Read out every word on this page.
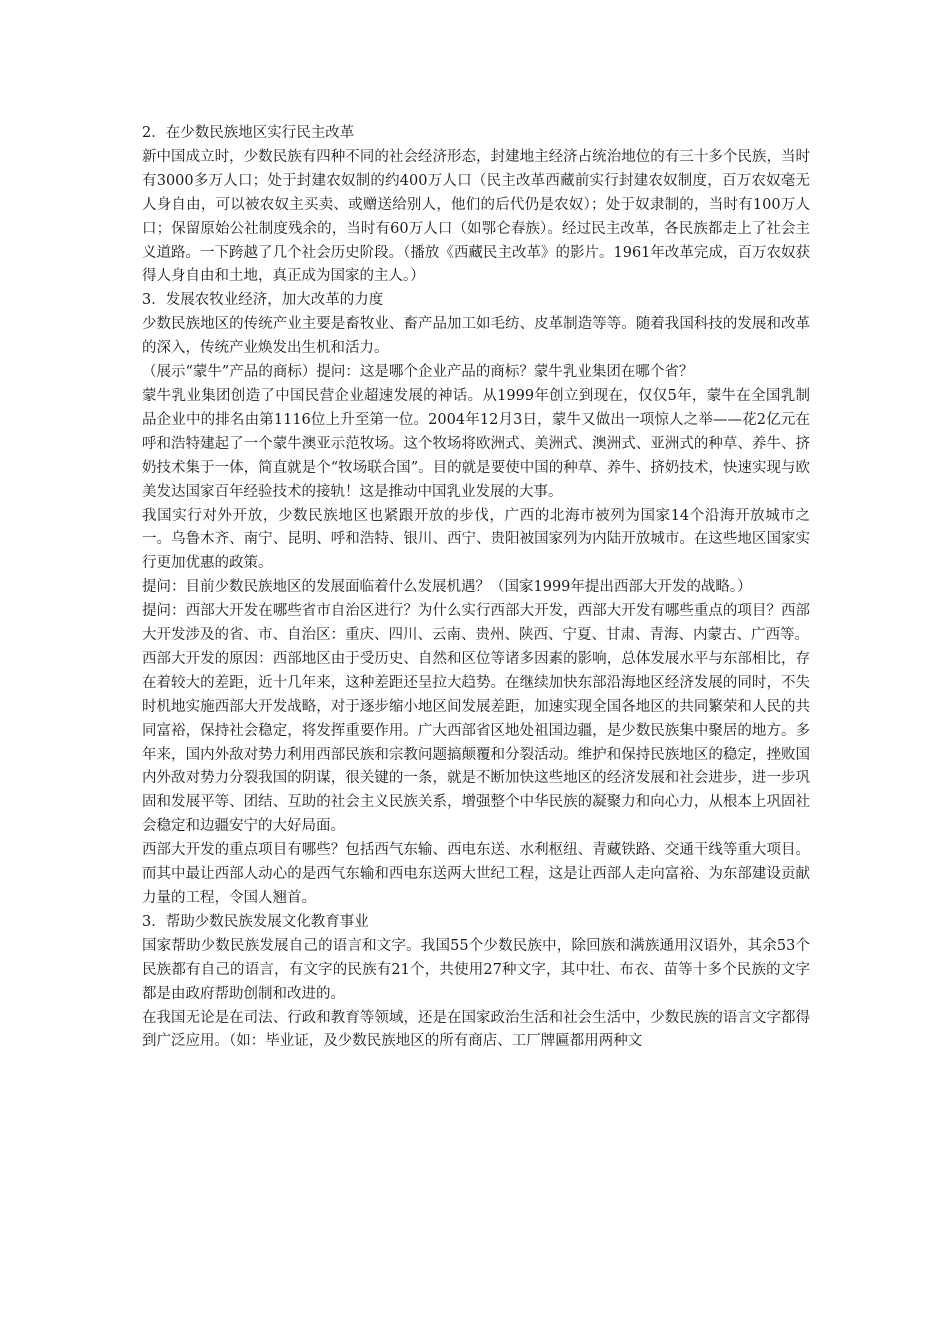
2．在少数民族地区实行民主改革

新中国成立时，少数民族有四种不同的社会经济形态，封建地主经济占统治地位的有三十多个民族，当时有3000多万人口；处于封建农奴制的约400万人口（民主改革西藏前实行封建农奴制度，百万农奴毫无人身自由，可以被农奴主买卖、或赠送给别人，他们的后代仍是农奴）；处于奴隶制的，当时有100万人口；保留原始公社制度残余的，当时有60万人口（如鄂仑春族）。经过民主改革，各民族都走上了社会主义道路。一下跨越了几个社会历史阶段。（播放《西藏民主改革》的影片。1961年改革完成，百万农奴获得人身自由和土地，真正成为国家的主人。）

3．发展农牧业经济，加大改革的力度

少数民族地区的传统产业主要是畜牧业、畜产品加工如毛纺、皮革制造等等。随着我国科技的发展和改革的深入，传统产业焕发出生机和活力。

（展示“蒙牛”产品的商标）提问：这是哪个企业产品的商标？蒙牛乳业集团在哪个省？

蒙牛乳业集团创造了中国民营企业超速发展的神话。从1999年创立到现在，仅仅5年，蒙牛在全国乳制品企业中的排名由第1116位上升至第一位。2004年12月3日，蒙牛又做出一项惊人之举——花2亿元在呼和浩特建起了一个蒙牛澳亚示范牧场。这个牧场将欧洲式、美洲式、澳洲式、亚洲式的种草、养牛、挤奶技术集于一体，简直就是个“牧场联合国”。目的就是要使中国的种草、养牛、挤奶技术，快速实现与欧美发达国家百年经验技术的接轨！这是推动中国乳业发展的大事。

我国实行对外开放，少数民族地区也紧跟开放的步伐，广西的北海市被列为国家14个沿海开放城市之一。乌鲁木齐、南宁、昆明、呼和浩特、银川、西宁、贵阳被国家列为内陆开放城市。在这些地区国家实行更加优惠的政策。

提问：目前少数民族地区的发展面临着什么发展机遇？（国家1999年提出西部大开发的战略。）

提问：西部大开发在哪些省市自治区进行？为什么实行西部大开发，西部大开发有哪些重点的项目？西部大开发涉及的省、市、自治区：重庆、四川、云南、贵州、陕西、宁夏、甘肃、青海、内蒙古、广西等。

西部大开发的原因：西部地区由于受历史、自然和区位等诸多因素的影响，总体发展水平与东部相比，存在着较大的差距，近十几年来，这种差距还呈拉大趋势。在继续加快东部沿海地区经济发展的同时，不失时机地实施西部大开发战略，对于逐步缩小地区间发展差距，加速实现全国各地区的共同繁荣和人民的共同富裕，保持社会稳定，将发挥重要作用。广大西部省区地处祖国边疆，是少数民族集中聚居的地方。多年来，国内外敌对势力利用西部民族和宗教问题搞颠覆和分裂活动。维护和保持民族地区的稳定，挫败国内外敌对势力分裂我国的阴谋，很关键的一条，就是不断加快这些地区的经济发展和社会进步，进一步巩固和发展平等、团结、互助的社会主义民族关系，增强整个中华民族的凝聚力和向心力，从根本上巩固社会稳定和边疆安宁的大好局面。

西部大开发的重点项目有哪些？包括西气东输、西电东送、水利枢纽、青藏铁路、交通干线等重大项目。而其中最让西部人动心的是西气东输和西电东送两大世纪工程，这是让西部人走向富裕、为东部建设贡献力量的工程，令国人翘首。

3．帮助少数民族发展文化教育事业

国家帮助少数民族发展自己的语言和文字。我国55个少数民族中，除回族和满族通用汉语外，其余53个民族都有自己的语言，有文字的民族有21个，共使用27种文字，其中壮、布衣、苗等十多个民族的文字都是由政府帮助创制和改进的。

在我国无论是在司法、行政和教育等领域，还是在国家政治生活和社会生活中，少数民族的语言文字都得到广泛应用。（如：毕业证，及少数民族地区的所有商店、工厂牌匾都用两种文
